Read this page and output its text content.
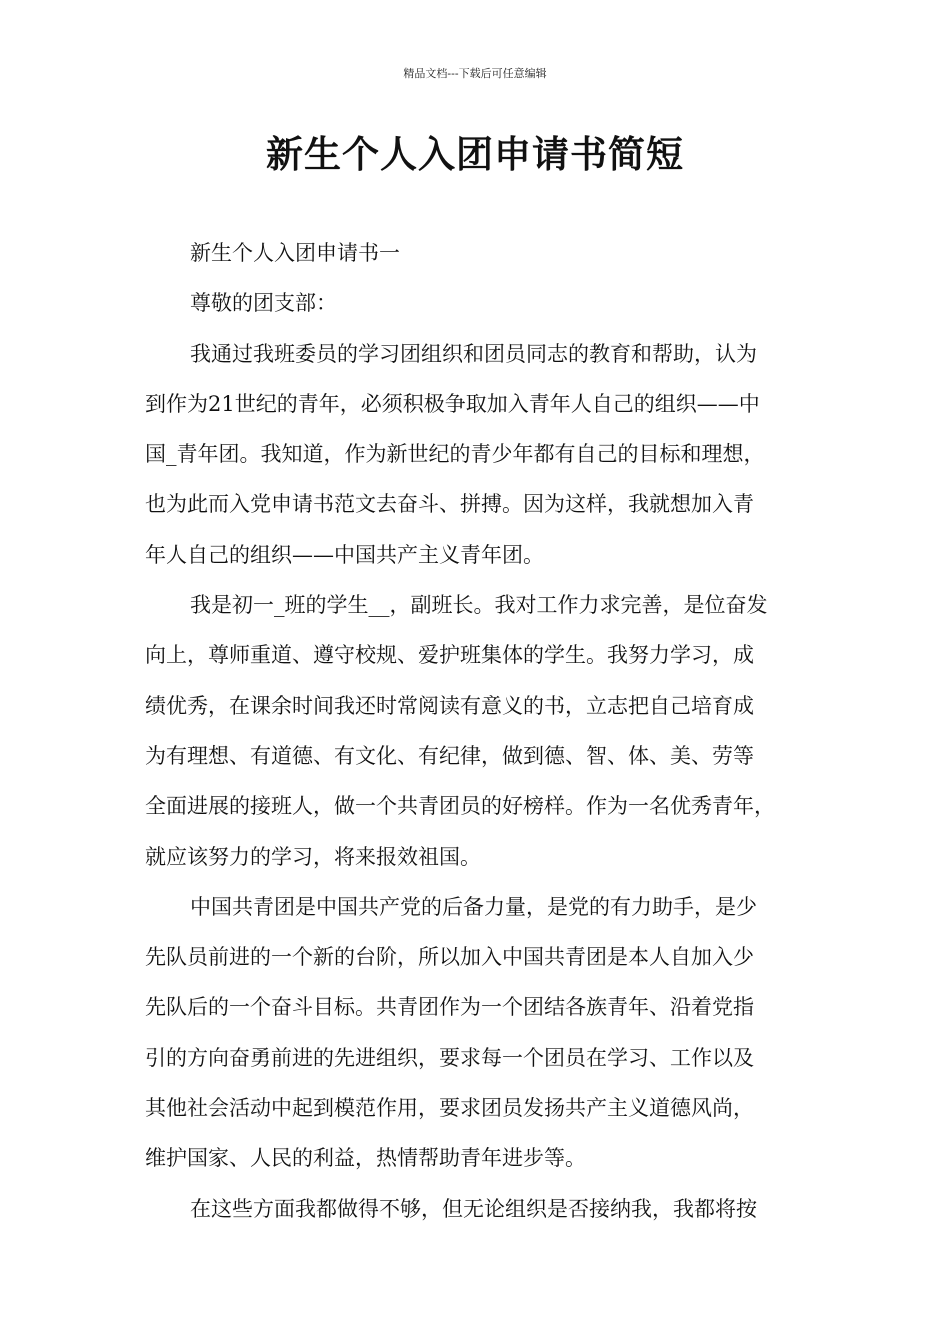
精品文档---下载后可任意编辑
新生个人入团申请书简短
新生个人入团申请书一
尊敬的团支部：
我通过我班委员的学习团组织和团员同志的教育和帮助，认为
到作为21世纪的青年，必须积极争取加入青年人自己的组织——中
国_青年团。我知道，作为新世纪的青少年都有自己的目标和理想，
也为此而入党申请书范文去奋斗、拼搏。因为这样，我就想加入青
年人自己的组织——中国共产主义青年团。
我是初一_班的学生__，副班长。我对工作力求完善，是位奋发
向上，尊师重道、遵守校规、爱护班集体的学生。我努力学习，成
绩优秀，在课余时间我还时常阅读有意义的书，立志把自己培育成
为有理想、有道德、有文化、有纪律，做到德、智、体、美、劳等
全面进展的接班人，做一个共青团员的好榜样。作为一名优秀青年，
就应该努力的学习，将来报效祖国。
中国共青团是中国共产党的后备力量，是党的有力助手，是少
先队员前进的一个新的台阶，所以加入中国共青团是本人自加入少
先队后的一个奋斗目标。共青团作为一个团结各族青年、沿着党指
引的方向奋勇前进的先进组织，要求每一个团员在学习、工作以及
其他社会活动中起到模范作用，要求团员发扬共产主义道德风尚，
维护国家、人民的利益，热情帮助青年进步等。
在这些方面我都做得不够，但无论组织是否接纳我，我都将按
